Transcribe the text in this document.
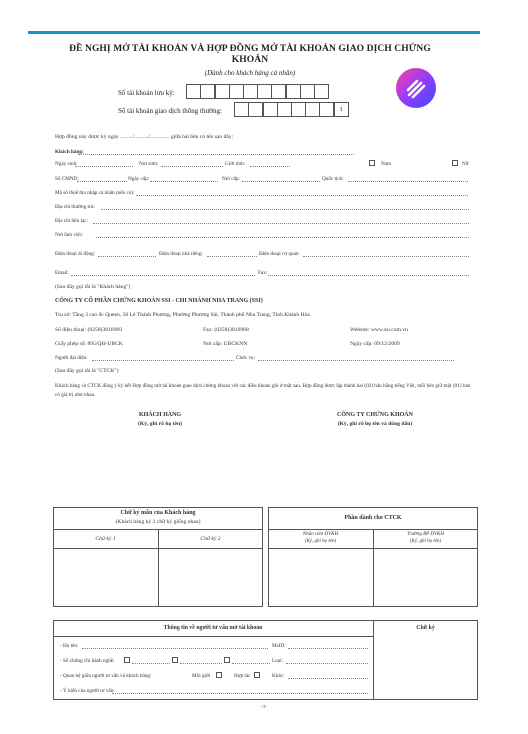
ĐỀ NGHỊ MỞ TÀI KHOẢN VÀ HỢP ĐỒNG MỞ TÀI KHOẢN GIAO DỊCH CHỨNG KHOÁN
(Dành cho khách hàng cá nhân)
Số tài khoản lưu ký:
Số tài khoản giao dịch thông thường:	1
Hợp đồng này được ký ngày ........./........../.............. giữa hai bên có tên sau đây:
Khách hàng:
Ngày sinh:	Nơi sinh:	Giới tính:	Nam	Nữ
Số CMND:	Ngày cấp:	Nơi cấp:	Quốc tịch:
Mã số thuế thu nhập cá nhân (nếu có):
Địa chỉ thường trú:
Địa chỉ liên lạc:
Nơi làm việc:
Điện thoại di động:	Điện thoại nhà riêng:	Điện thoại cơ quan:
Email:	Fax:
(Sau đây gọi tắt là "Khách hàng")
CÔNG TY CỔ PHẦN CHỨNG KHOÁN SSI - CHI NHÁNH NHA TRANG (SSI)
Trụ sở: Tầng 3 cao ốc Queen, 50 Lê Thánh Phương, Phường Phương Sài, Thành phố Nha Trang, Tỉnh Khánh Hòa
Số điện thoại: (0258)3816969	Fax: (0258)3816968	Website: www.ssi.com.vn
Giấy phép số: 895/QĐ-UBCK	Nơi cấp: UBCKNN	Ngày cấp: 09/12/2009
Người đại diện:	Chức vụ:
(Sau đây gọi tắt là "CTCK")
Khách hàng và CTCK đồng ý ký kết Hợp đồng mở tài khoản giao dịch chứng khoán với các điều khoản ghi ở mặt sau. Hợp đồng được lập thành hai (02) bản bằng tiếng Việt, mỗi bên giữ một (01) bản có giá trị như nhau.
KHÁCH HÀNG
(Ký, ghi rõ họ tên)
CÔNG TY CHỨNG KHOÁN
(Ký, ghi rõ họ tên và đóng dấu)
Chữ ký mẫu của Khách hàng
(Khách hàng ký 2 chữ ký giống nhau)
Chữ ký 1	Chữ ký 2
Phần dành cho CTCK
Nhân viên DVKH
(Ký, ghi họ tên)
Trưởng BP DVKH
(Ký, ghi họ tên)
Thông tin về người tư vấn mở tài khoản	Chữ ký
- Họ tên:	MsID:
- Số chứng chỉ hành nghề:	Loại:
- Quan hệ giữa người tư vấn và khách hàng:	Môi giới	Hợp tác	Khác:
- Ý kiến của người tư vấn:
-1-
